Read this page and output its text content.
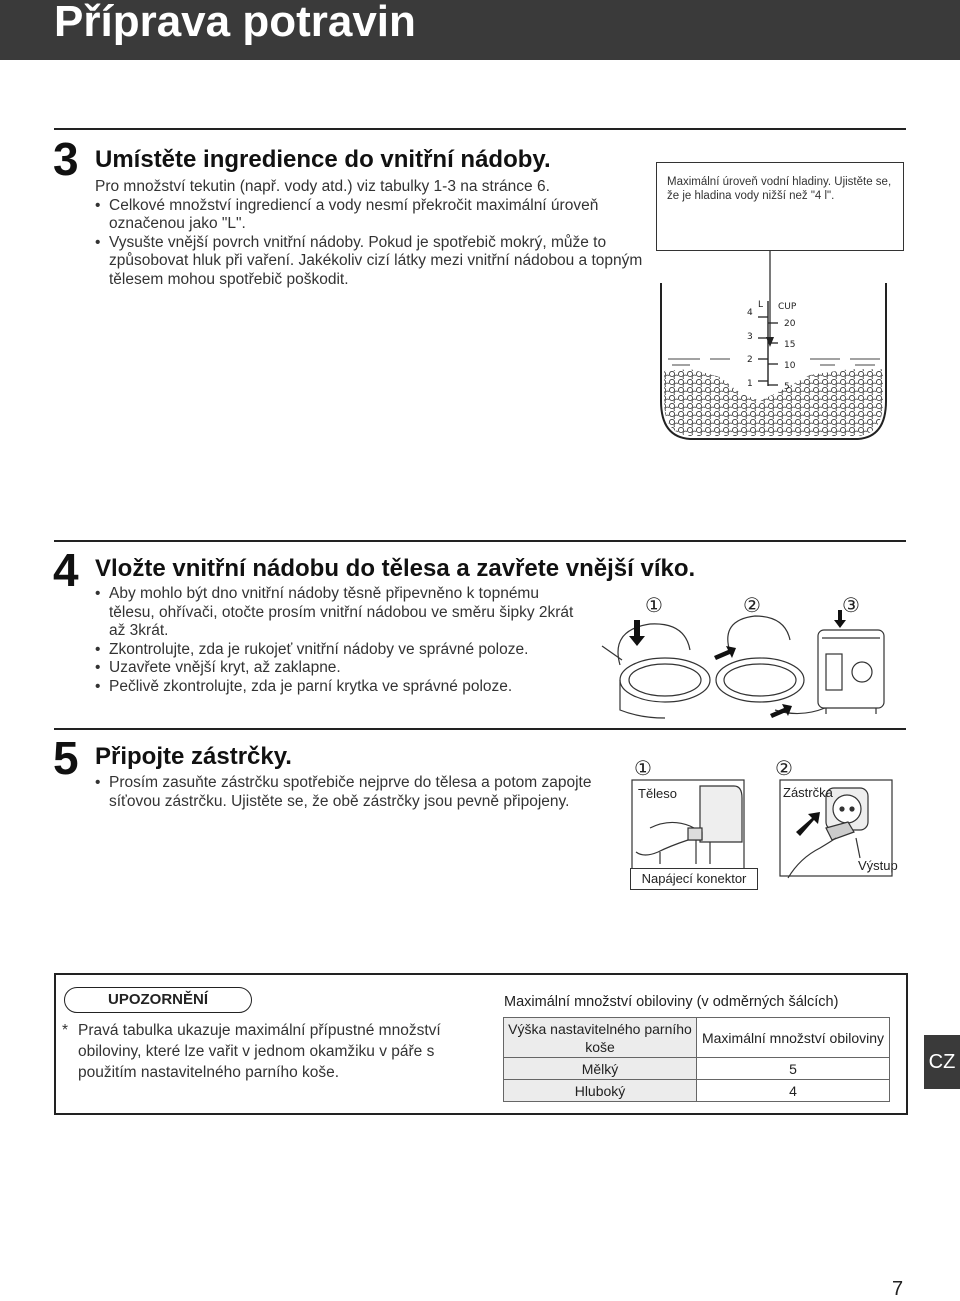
Příprava potravin
3 Umístěte ingredience do vnitřní nádoby.
Pro množství tekutin (např. vody atd.) viz tabulky 1-3 na stránce 6.
• Celkové množství ingrediencí a vody nesmí překročit maximální úroveň označenou jako "L".
• Vysušte vnější povrch vnitřní nádoby. Pokud je spotřebič mokrý, může to způsobovat hluk při vaření. Jakékoliv cizí látky mezi vnitřní nádobou a topným tělesem mohou spotřebič poškodit.
Maximální úroveň vodní hladiny. Ujistěte se, že je hladina vody nižší než "4 l".
L CUP
4
3
2
1
20
15
10
5
4 Vložte vnitřní nádobu do tělesa a zavřete vnější víko.
• Aby mohlo být dno vnitřní nádoby těsně připevněno k topnému tělesu, ohřívači, otočte prosím vnitřní nádobou ve směru šipky 2krát až 3krát.
• Zkontrolujte, zda je rukojeť vnitřní nádoby ve správné poloze.
• Uzavřete vnější kryt, až zaklapne.
• Pečlivě zkontrolujte, zda je parní krytka ve správné poloze.
①	②	③
5 Připojte zástrčky.
• Prosím zasuňte zástrčku spotřebiče nejprve do tělesa a potom zapojte síťovou zástrčku. Ujistěte se, že obě zástrčky jsou pevně připojeny.
①	②
Těleso	Zástrčka
Výstup
Napájecí konektor
UPOZORNĚNÍ
* Pravá tabulka ukazuje maximální přípustné množství obiloviny, které lze vařit v jednom okamžiku v páře s použitím nastavitelného parního koše.
Maximální množství obiloviny (v odměrných šálcích)
Výška nastavitelného parního koše	Maximální množství obiloviny
Mělký	5
Hluboký	4
CZ
7
